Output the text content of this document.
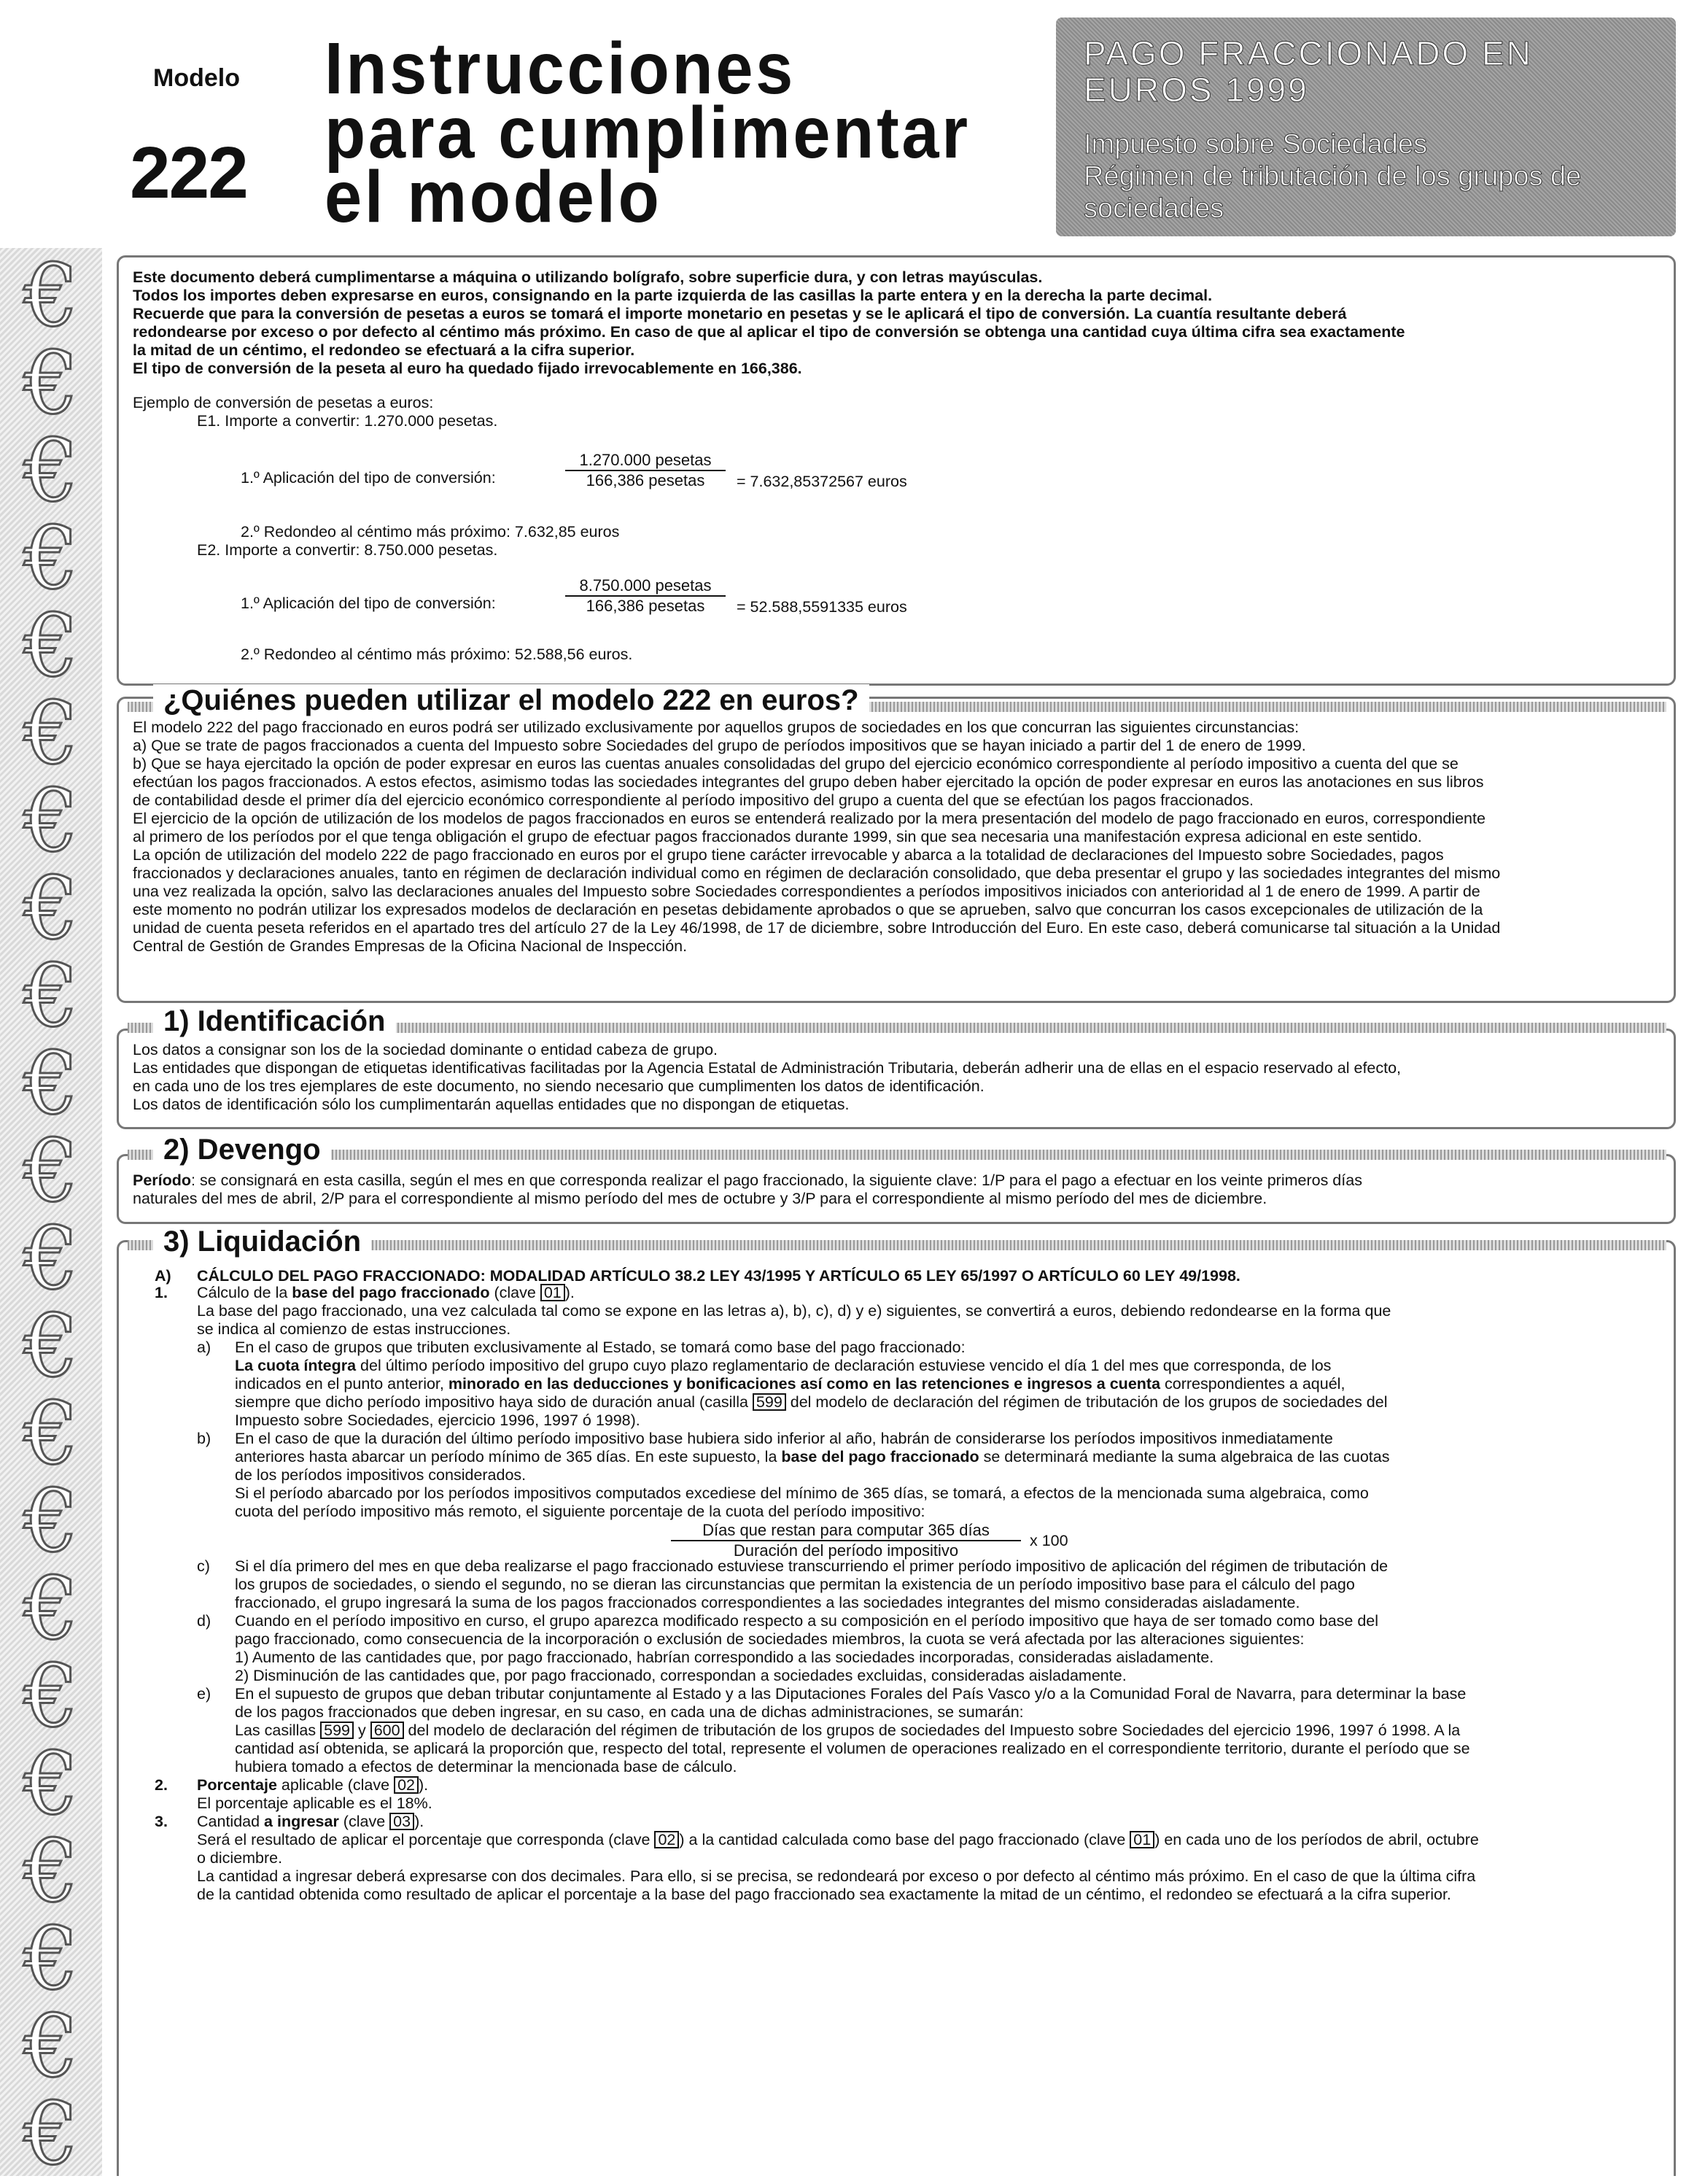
€
€
€
€
€
€
€
€
€
€
€
€
€
€
€
€
€
€
€
€
€
€
Modelo
222
Instrucciones
para cumplimentar
el modelo
PAGO FRACCIONADO EN
EUROS 1999
Impuesto sobre Sociedades
Régimen de tributación de los grupos de
sociedades
Este documento deberá cumplimentarse a máquina o utilizando bolígrafo, sobre superficie dura, y con letras mayúsculas.
Todos los importes deben expresarse en euros, consignando en la parte izquierda de las casillas la parte entera y en la derecha la parte decimal.
Recuerde que para la conversión de pesetas a euros se tomará el importe monetario en pesetas y se le aplicará el tipo de conversión. La cuantía resultante deberá
redondearse por exceso o por defecto al céntimo más próximo. En caso de que al aplicar el tipo de conversión se obtenga una cantidad cuya última cifra sea exactamente
la mitad de un céntimo, el redondeo se efectuará a la cifra superior.
El tipo de conversión de la peseta al euro ha quedado fijado irrevocablemente en 166,386.
Ejemplo de conversión de pesetas a euros:
E1. Importe a convertir: 1.270.000 pesetas.
1.º Aplicación del tipo de conversión:
1.270.000 pesetas
166,386 pesetas	= 7.632,85372567 euros
2.º Redondeo al céntimo más próximo: 7.632,85 euros
E2. Importe a convertir: 8.750.000 pesetas.
1.º Aplicación del tipo de conversión:
8.750.000 pesetas
166,386 pesetas	= 52.588,5591335 euros
2.º Redondeo al céntimo más próximo: 52.588,56 euros.
¿Quiénes pueden utilizar el modelo 222 en euros?
El modelo 222 del pago fraccionado en euros podrá ser utilizado exclusivamente por aquellos grupos de sociedades en los que concurran las siguientes circunstancias:
a) Que se trate de pagos fraccionados a cuenta del Impuesto sobre Sociedades del grupo de períodos impositivos que se hayan iniciado a partir del 1 de enero de 1999.
b) Que se haya ejercitado la opción de poder expresar en euros las cuentas anuales consolidadas del grupo del ejercicio económico correspondiente al período impositivo a cuenta del que se
efectúan los pagos fraccionados. A estos efectos, asimismo todas las sociedades integrantes del grupo deben haber ejercitado la opción de poder expresar en euros las anotaciones en sus libros
de contabilidad desde el primer día del ejercicio económico correspondiente al período impositivo del grupo a cuenta del que se efectúan los pagos fraccionados.
El ejercicio de la opción de utilización de los modelos de pagos fraccionados en euros se entenderá realizado por la mera presentación del modelo de pago fraccionado en euros, correspondiente
al primero de los períodos por el que tenga obligación el grupo de efectuar pagos fraccionados durante 1999, sin que sea necesaria una manifestación expresa adicional en este sentido.
La opción de utilización del modelo 222 de pago fraccionado en euros por el grupo tiene carácter irrevocable y abarca a la totalidad de declaraciones del Impuesto sobre Sociedades, pagos
fraccionados y declaraciones anuales, tanto en régimen de declaración individual como en régimen de declaración consolidado, que deba presentar el grupo y las sociedades integrantes del mismo
una vez realizada la opción, salvo las declaraciones anuales del Impuesto sobre Sociedades correspondientes a períodos impositivos iniciados con anterioridad al 1 de enero de 1999. A partir de
este momento no podrán utilizar los expresados modelos de declaración en pesetas debidamente aprobados o que se aprueben, salvo que concurran los casos excepcionales de utilización de la
unidad de cuenta peseta referidos en el apartado tres del artículo 27 de la Ley 46/1998, de 17 de diciembre, sobre Introducción del Euro. En este caso, deberá comunicarse tal situación a la Unidad
Central de Gestión de Grandes Empresas de la Oficina Nacional de Inspección.
1) Identificación
Los datos a consignar son los de la sociedad dominante o entidad cabeza de grupo.
Las entidades que dispongan de etiquetas identificativas facilitadas por la Agencia Estatal de Administración Tributaria, deberán adherir una de ellas en el espacio reservado al efecto,
en cada uno de los tres ejemplares de este documento, no siendo necesario que cumplimenten los datos de identificación.
Los datos de identificación sólo los cumplimentarán aquellas entidades que no dispongan de etiquetas.
2) Devengo
Período: se consignará en esta casilla, según el mes en que corresponda realizar el pago fraccionado, la siguiente clave: 1/P para el pago a efectuar en los veinte primeros días
naturales del mes de abril, 2/P para el correspondiente al mismo período del mes de octubre y 3/P para el correspondiente al mismo período del mes de diciembre.
3) Liquidación
A) CÁLCULO DEL PAGO FRACCIONADO: MODALIDAD ARTÍCULO 38.2 LEY 43/1995 Y ARTÍCULO 65 LEY 65/1997 O ARTÍCULO 60 LEY 49/1998.
1. Cálculo de la base del pago fraccionado (clave 01 ).
La base del pago fraccionado, una vez calculada tal como se expone en las letras a), b), c), d) y e) siguientes, se convertirá a euros, debiendo redondearse en la forma que
se indica al comienzo de estas instrucciones.
a) En el caso de grupos que tributen exclusivamente al Estado, se tomará como base del pago fraccionado:
La cuota íntegra del último período impositivo del grupo cuyo plazo reglamentario de declaración estuviese vencido el día 1 del mes que corresponda, de los
indicados en el punto anterior, minorado en las deducciones y bonificaciones así como en las retenciones e ingresos a cuenta correspondientes a aquél,
siempre que dicho período impositivo haya sido de duración anual (casilla 599 del modelo de declaración del régimen de tributación de los grupos de sociedades del
Impuesto sobre Sociedades, ejercicio 1996, 1997 ó 1998).
b) En el caso de que la duración del último período impositivo base hubiera sido inferior al año, habrán de considerarse los períodos impositivos inmediatamente
anteriores hasta abarcar un período mínimo de 365 días. En este supuesto, la base del pago fraccionado se determinará mediante la suma algebraica de las cuotas
de los períodos impositivos considerados.
Si el período abarcado por los períodos impositivos computados excediese del mínimo de 365 días, se tomará, a efectos de la mencionada suma algebraica, como
cuota del período impositivo más remoto, el siguiente porcentaje de la cuota del período impositivo:
Días que restan para computar 365 días
Duración del período impositivo
x 100
c) Si el día primero del mes en que deba realizarse el pago fraccionado estuviese transcurriendo el primer período impositivo de aplicación del régimen de tributación de
los grupos de sociedades, o siendo el segundo, no se dieran las circunstancias que permitan la existencia de un período impositivo base para el cálculo del pago
fraccionado, el grupo ingresará la suma de los pagos fraccionados correspondientes a las sociedades integrantes del mismo consideradas aisladamente.
d) Cuando en el período impositivo en curso, el grupo aparezca modificado respecto a su composición en el período impositivo que haya de ser tomado como base del
pago fraccionado, como consecuencia de la incorporación o exclusión de sociedades miembros, la cuota se verá afectada por las alteraciones siguientes:
1) Aumento de las cantidades que, por pago fraccionado, habrían correspondido a las sociedades incorporadas, consideradas aisladamente.
2) Disminución de las cantidades que, por pago fraccionado, correspondan a sociedades excluidas, consideradas aisladamente.
e) En el supuesto de grupos que deban tributar conjuntamente al Estado y a las Diputaciones Forales del País Vasco y/o a la Comunidad Foral de Navarra, para determinar la base
de los pagos fraccionados que deben ingresar, en su caso, en cada una de dichas administraciones, se sumarán:
Las casillas 599 y 600 del modelo de declaración del régimen de tributación de los grupos de sociedades del Impuesto sobre Sociedades del ejercicio 1996, 1997 ó 1998. A la
cantidad así obtenida, se aplicará la proporción que, respecto del total, represente el volumen de operaciones realizado en el correspondiente territorio, durante el período que se
hubiera tomado a efectos de determinar la mencionada base de cálculo.
2. Porcentaje aplicable (clave 02 ).
El porcentaje aplicable es el 18%.
3. Cantidad a ingresar (clave 03 ).
Será el resultado de aplicar el porcentaje que corresponda (clave 02 ) a la cantidad calculada como base del pago fraccionado (clave 01 ) en cada uno de los períodos de abril, octubre
o diciembre.
La cantidad a ingresar deberá expresarse con dos decimales. Para ello, si se precisa, se redondeará por exceso o por defecto al céntimo más próximo. En el caso de que la última cifra
de la cantidad obtenida como resultado de aplicar el porcentaje a la base del pago fraccionado sea exactamente la mitad de un céntimo, el redondeo se efectuará a la cifra superior.
